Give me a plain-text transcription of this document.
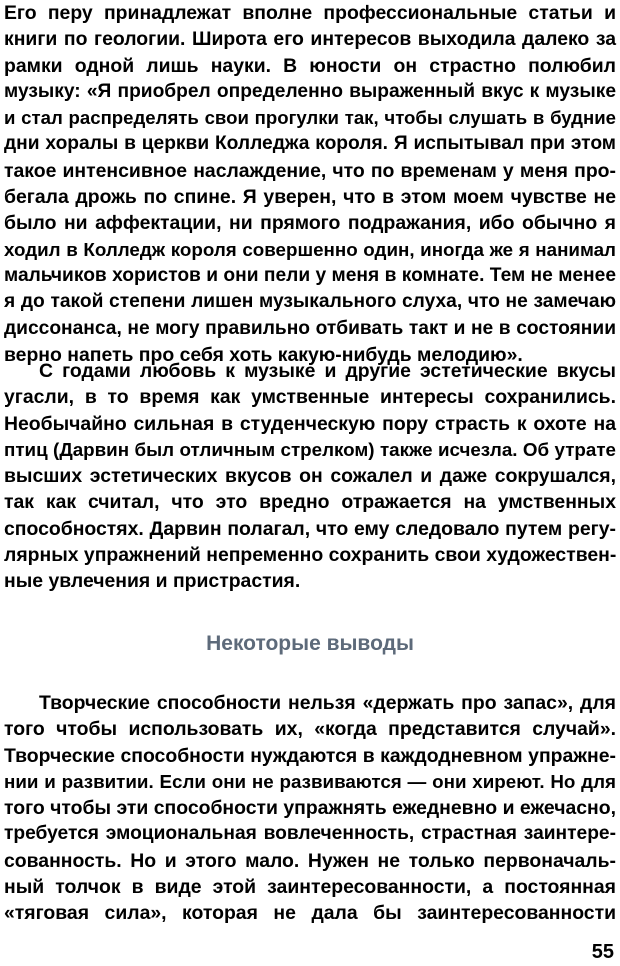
Его перу принадлежат вполне профессиональные статьи и
книги по геологии. Широта его интересов выходила далеко за
рамки одной лишь науки. В юности он страстно полюбил
музыку: «Я приобрел определенно выраженный вкус к музыке
и стал распределять свои прогулки так, чтобы слушать в будние
дни хоралы в церкви Колледжа короля. Я испытывал при этом
такое интенсивное наслаждение, что по временам у меня про-
бегала дрожь по спине. Я уверен, что в этом моем чувстве не
было ни аффектации, ни прямого подражания, ибо обычно я
ходил в Колледж короля совершенно один, иногда же я нанимал
мальчиков хористов и они пели у меня в комнате. Тем не менее
я до такой степени лишен музыкального слуха, что не замечаю
диссонанса, не могу правильно отбивать такт и не в состоянии
верно напеть про себя хоть какую-нибудь мелодию».
С годами любовь к музыке и другие эстетические вкусы
угасли, в то время как умственные интересы сохранились.
Необычайно сильная в студенческую пору страсть к охоте на
птиц (Дарвин был отличным стрелком) также исчезла. Об утрате
высших эстетических вкусов он сожалел и даже сокрушался,
так как считал, что это вредно отражается на умственных
способностях. Дарвин полагал, что ему следовало путем регу-
лярных упражнений непременно сохранить свои художествен-
ные увлечения и пристрастия.
Некоторые выводы
Творческие способности нельзя «держать про запас», для
того чтобы использовать их, «когда представится случай».
Творческие способности нуждаются в каждодневном упражне-
нии и развитии. Если они не развиваются — они хиреют. Но для
того чтобы эти способности упражнять ежедневно и ежечасно,
требуется эмоциональная вовлеченность, страстная заинтере-
сованность. Но и этого мало. Нужен не только первоначаль-
ный толчок в виде этой заинтересованности, а постоянная
«тяговая сила», которая не дала бы заинтересованности
55
